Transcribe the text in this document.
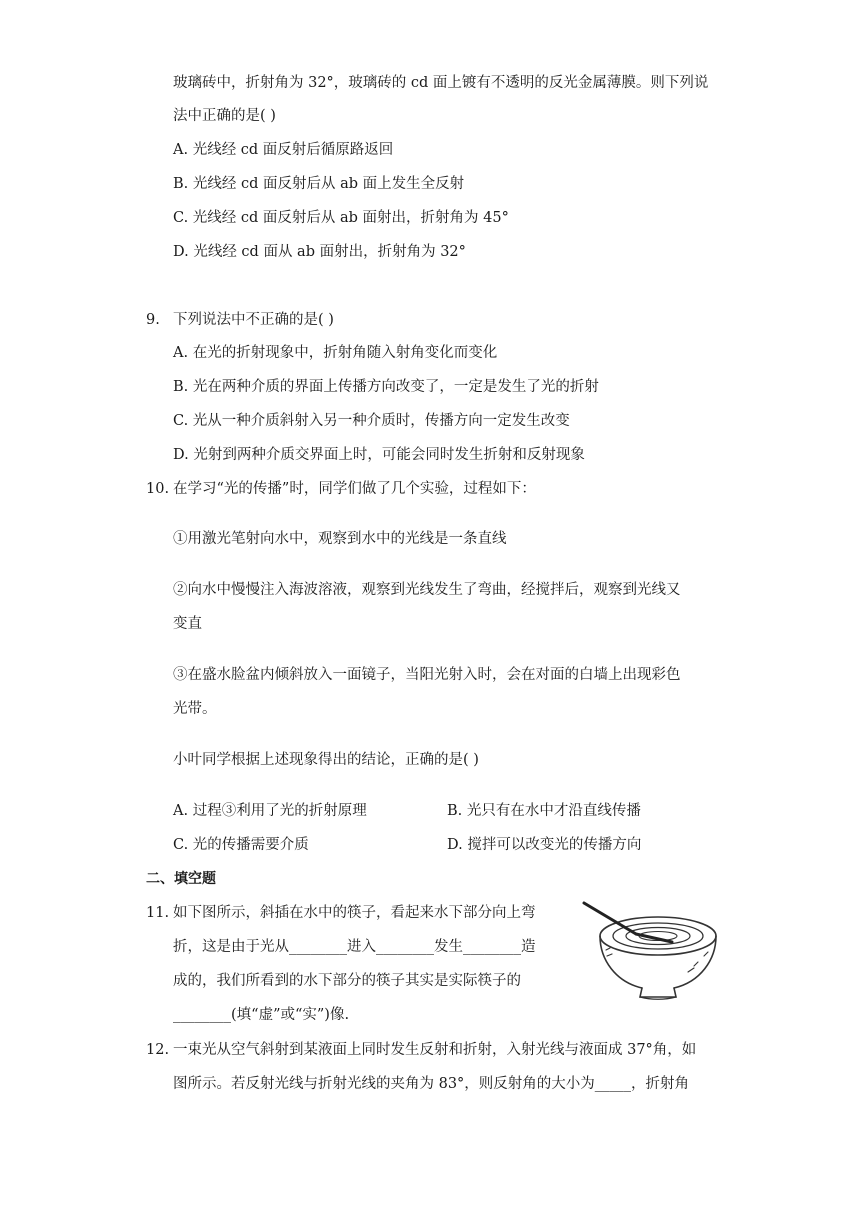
玻璃砖中，折射角为 32°，玻璃砖的 cd 面上镀有不透明的反光金属薄膜。则下列说
法中正确的是( )
A. 光线经 cd 面反射后循原路返回
B. 光线经 cd 面反射后从 ab 面上发生全反射
C. 光线经 cd 面反射后从 ab 面射出，折射角为 45°
D. 光线经 cd 面从 ab 面射出，折射角为 32°
9. 下列说法中不正确的是( )
A. 在光的折射现象中，折射角随入射角变化而变化
B. 光在两种介质的界面上传播方向改变了，一定是发生了光的折射
C. 光从一种介质斜射入另一种介质时，传播方向一定发生改变
D. 光射到两种介质交界面上时，可能会同时发生折射和反射现象
10. 在学习“光的传播”时，同学们做了几个实验，过程如下：
①用激光笔射向水中，观察到水中的光线是一条直线
②向水中慢慢注入海波溶液，观察到光线发生了弯曲，经搅拌后，观察到光线又
变直
③在盛水脸盆内倾斜放入一面镜子，当阳光射入时，会在对面的白墙上出现彩色
光带。
小叶同学根据上述现象得出的结论，正确的是( )
A. 过程③利用了光的折射原理	B. 光只有在水中才沿直线传播
C. 光的传播需要介质	D. 搅拌可以改变光的传播方向
二、填空题
11. 如下图所示，斜插在水中的筷子，看起来水下部分向上弯
折，这是由于光从________进入________发生________造
成的，我们所看到的水下部分的筷子其实是实际筷子的
________(填“虚”或“实”)像.
12. 一束光从空气斜射到某液面上同时发生反射和折射，入射光线与液面成 37°角，如
图所示。若反射光线与折射光线的夹角为 83°，则反射角的大小为_____，折射角
